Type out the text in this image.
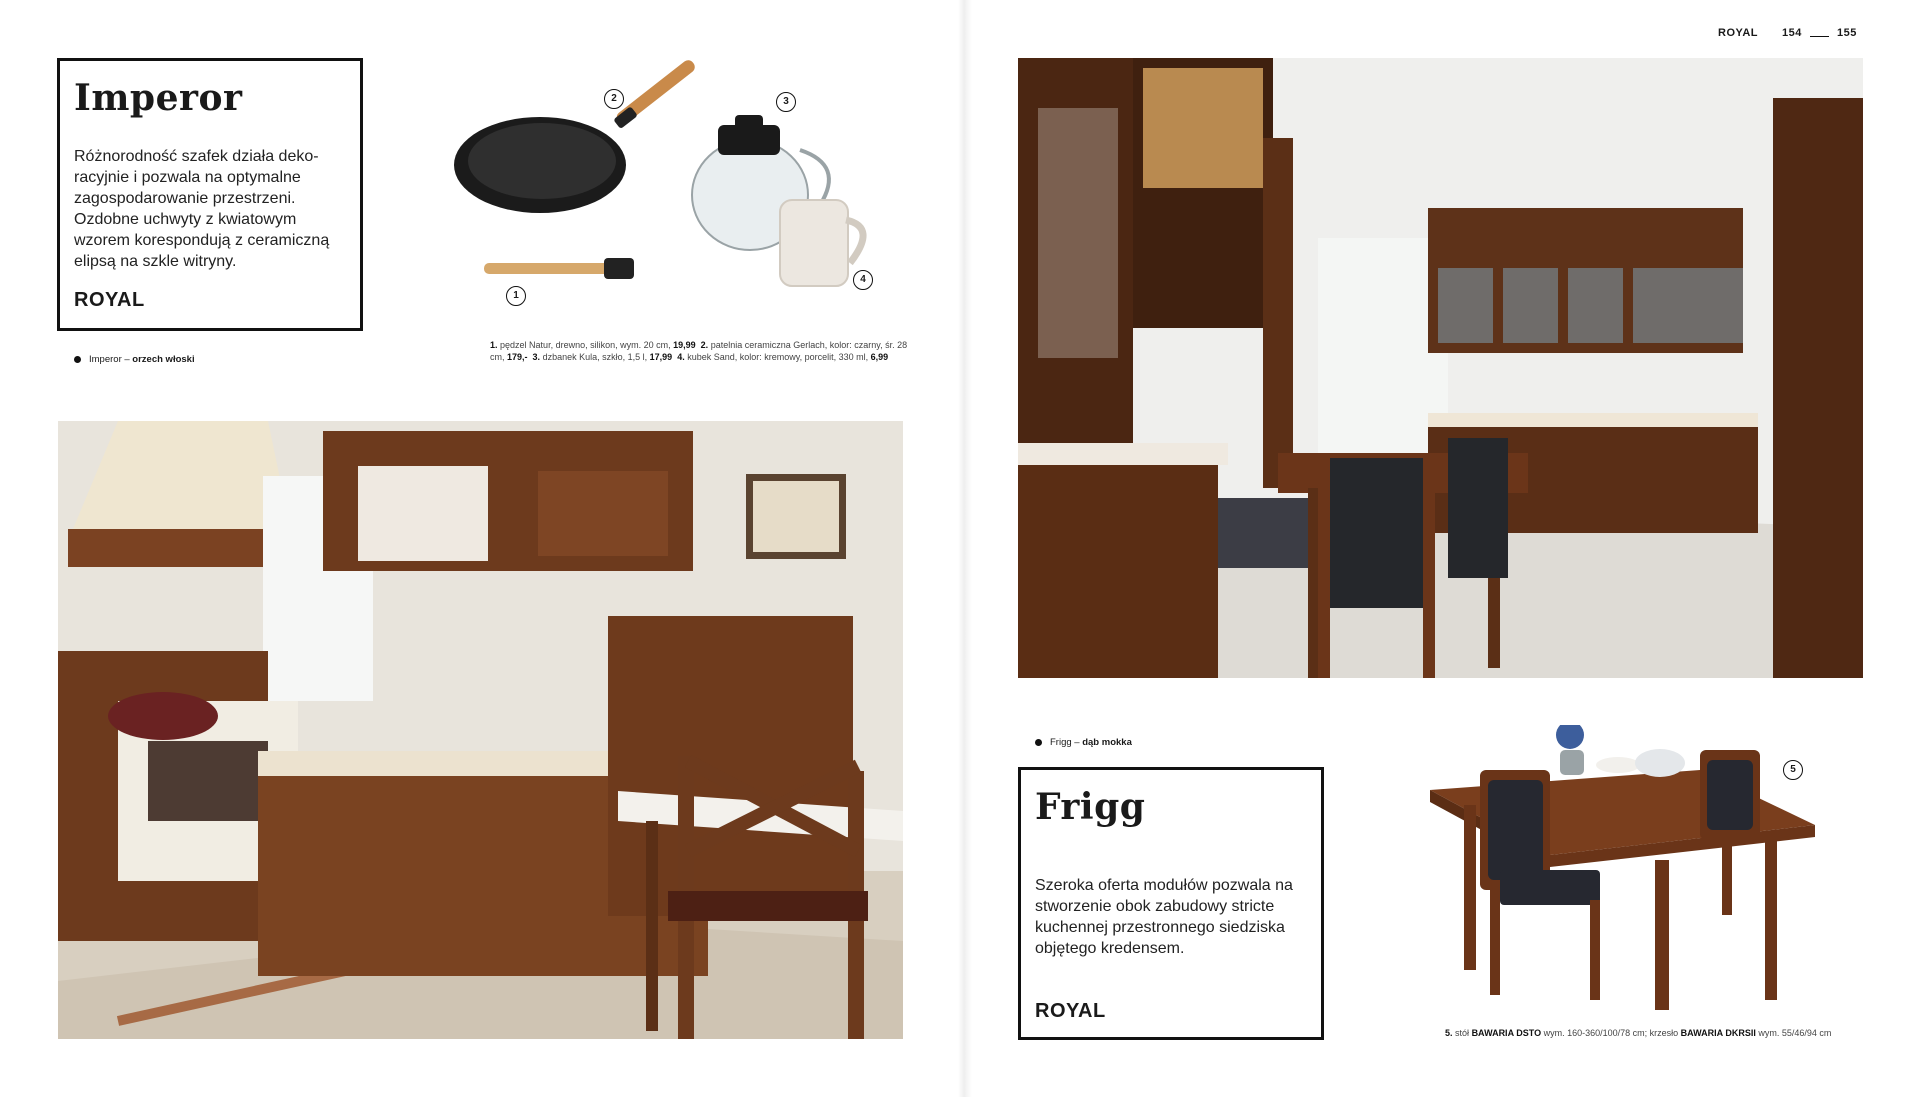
ROYAL 154	155
Imperor

Różnorodność szafek działa deko-racyjnie i pozwala na optymalne zagospodarowanie przestrzeni. Ozdobne uchwyty z kwiatowym wzorem korespondują z ceramiczną elipsą na szkle witryny.

ROYAL
Imperor –
orzech włoski
2	3
1
4
1. pędzel Natur, drewno, silikon, wym. 20 cm, 19,99 2. patelnia ceramiczna Gerlach, kolor: czarny, śr. 28 cm, 179,- 3. dzbanek Kula, szkło, 1,5 l, 17,99 4. kubek Sand, kolor: kremowy, porcelit, 330 ml, 6,99
Frigg –
dąb mokka
Frigg

Szeroka oferta modułów pozwala na stworzenie obok zabudowy stricte kuchennej przestronnego siedziska objętego kredensem.

ROYAL
5
5. stół BAWARIA DSTO wym. 160-360/100/78 cm; krzesło BAWARIA DKRSII wym. 55/46/94 cm
